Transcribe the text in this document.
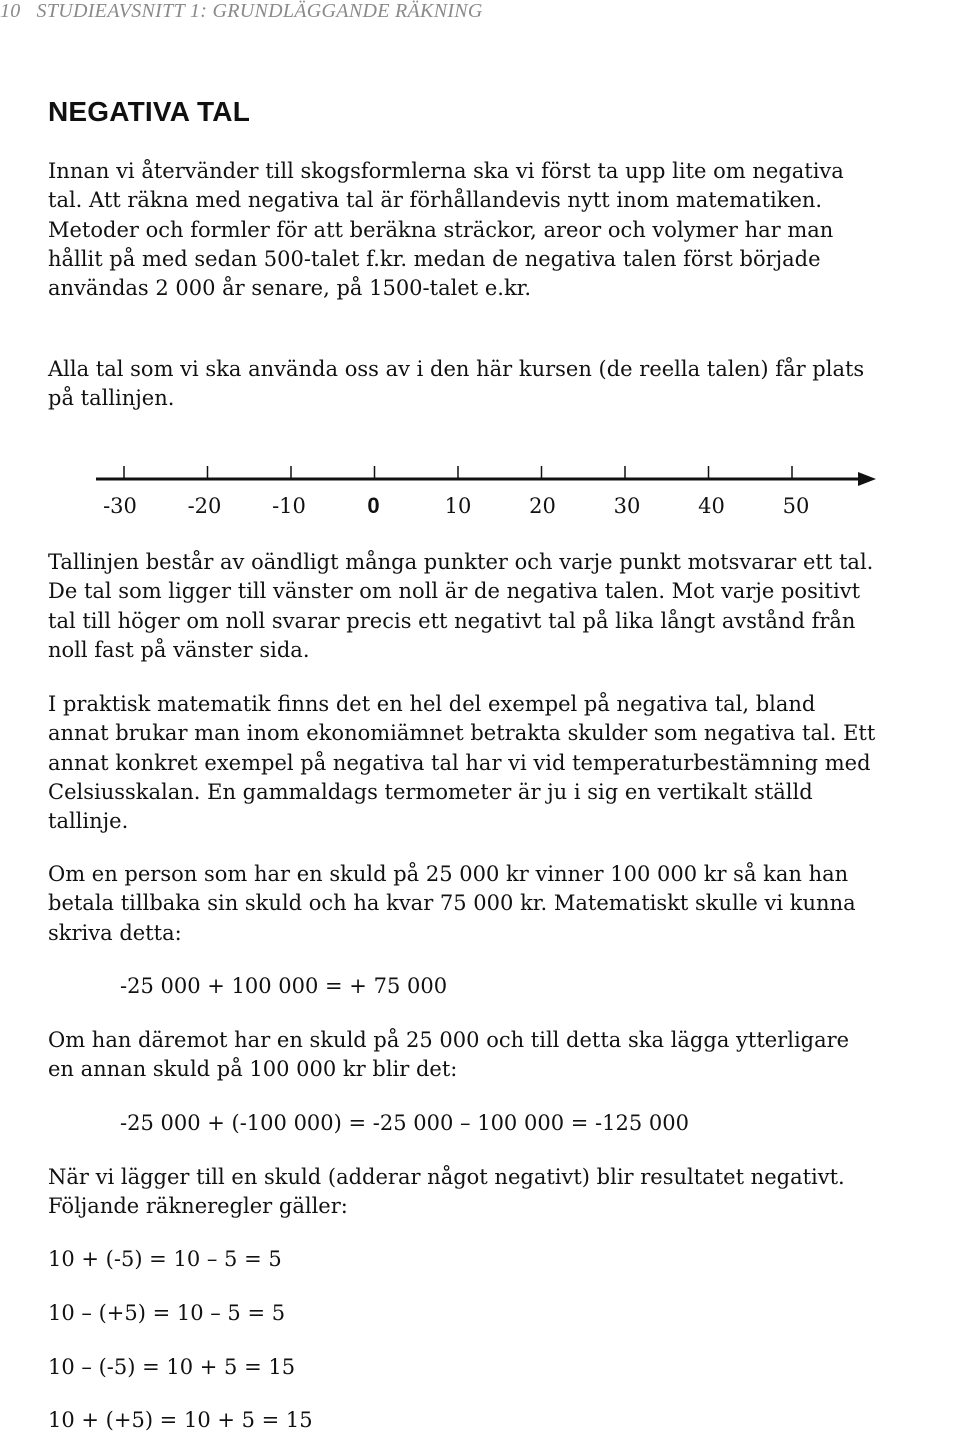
10 STUDIEAVSNITT 1: GRUNDLÄGGANDE RÄKNING
NEGATIVA TAL

Innan vi återvänder till skogsformlerna ska vi först ta upp lite om negativa tal. Att räkna med negativa tal är förhållandevis nytt inom matematiken. Metoder och formler för att beräkna sträckor, areor och volymer har man hållit på med sedan 500-talet f.kr. medan de negativa talen först började användas 2 000 år senare, på 1500-talet e.kr.

Alla tal som vi ska använda oss av i den här kursen (de reella talen) får plats på tallinjen.

-30 -20 -10	0	10	20	30	40	50

Tallinjen består av oändligt många punkter och varje punkt motsvarar ett tal. De tal som ligger till vänster om noll är de negativa talen. Mot varje positivt tal till höger om noll svarar precis ett negativt tal på lika långt avstånd från noll fast på vänster sida.

I praktisk matematik finns det en hel del exempel på negativa tal, bland annat brukar man inom ekonomiämnet betrakta skulder som negativa tal. Ett annat konkret exempel på negativa tal har vi vid temperaturbestämning med Celsiusskalan. En gammaldags termometer är ju i sig en vertikalt ställd tallinje.

Om en person som har en skuld på 25 000 kr vinner 100 000 kr så kan han betala tillbaka sin skuld och ha kvar 75 000 kr. Matematiskt skulle vi kunna skriva detta:

-25 000 + 100 000 = + 75 000

Om han däremot har en skuld på 25 000 och till detta ska lägga ytterligare en annan skuld på 100 000 kr blir det:

-25 000 + (-100 000) = -25 000 – 100 000 = -125 000

När vi lägger till en skuld (adderar något negativt) blir resultatet negativt. Följande räkneregler gäller:

10 + (-5) = 10 – 5 = 5
10 – (+5) = 10 – 5 = 5
10 – (-5) = 10 + 5 = 15
10 + (+5) = 10 + 5 = 15
